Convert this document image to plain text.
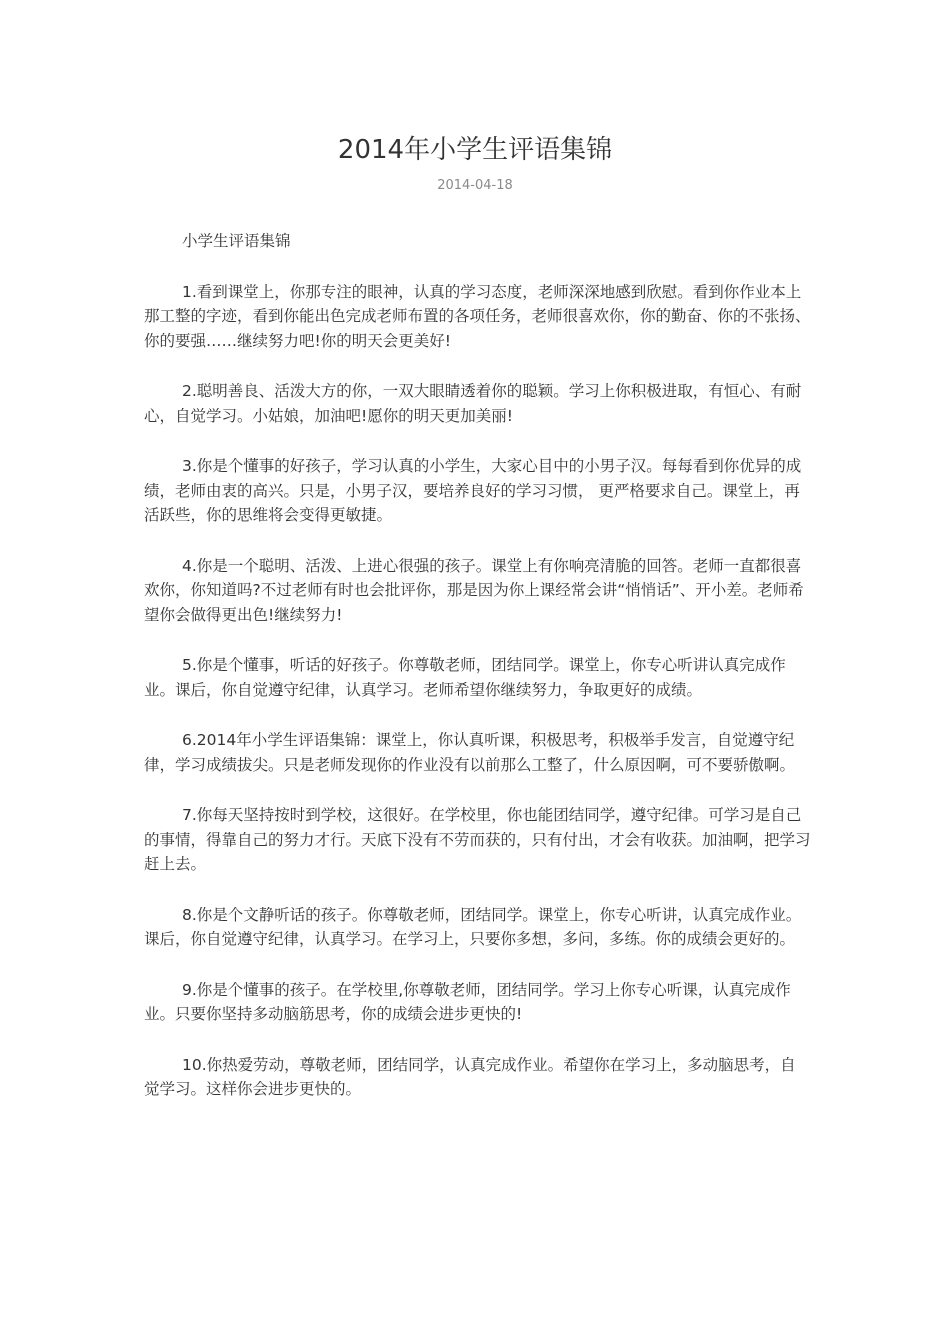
2014年小学生评语集锦
2014-04-18

小学生评语集锦

1.看到课堂上，你那专注的眼神，认真的学习态度，老师深深地感到欣慰。看到你作业本上那工整的字迹，看到你能出色完成老师布置的各项任务，老师很喜欢你，你的勤奋、你的不张扬、你的要强……继续努力吧!你的明天会更美好!

2.聪明善良、活泼大方的你，一双大眼睛透着你的聪颖。学习上你积极进取，有恒心、有耐心，自觉学习。小姑娘，加油吧!愿你的明天更加美丽!

3.你是个懂事的好孩子，学习认真的小学生，大家心目中的小男子汉。每每看到你优异的成绩，老师由衷的高兴。只是，小男子汉，要培养良好的学习习惯， 更严格要求自己。课堂上，再活跃些，你的思维将会变得更敏捷。

4.你是一个聪明、活泼、上进心很强的孩子。课堂上有你响亮清脆的回答。老师一直都很喜欢你，你知道吗?不过老师有时也会批评你，那是因为你上课经常会讲“悄悄话”、开小差。老师希望你会做得更出色!继续努力!

5.你是个懂事，听话的好孩子。你尊敬老师，团结同学。课堂上，你专心听讲认真完成作业。课后，你自觉遵守纪律，认真学习。老师希望你继续努力，争取更好的成绩。

6.2014年小学生评语集锦：课堂上，你认真听课，积极思考，积极举手发言，自觉遵守纪律，学习成绩拔尖。只是老师发现你的作业没有以前那么工整了，什么原因啊，可不要骄傲啊。

7.你每天坚持按时到学校，这很好。在学校里，你也能团结同学，遵守纪律。可学习是自己的事情，得靠自己的努力才行。天底下没有不劳而获的，只有付出，才会有收获。加油啊，把学习赶上去。

8.你是个文静听话的孩子。你尊敬老师，团结同学。课堂上，你专心听讲，认真完成作业。课后，你自觉遵守纪律，认真学习。在学习上，只要你多想，多问，多练。你的成绩会更好的。

9.你是个懂事的孩子。在学校里,你尊敬老师，团结同学。学习上你专心听课，认真完成作业。只要你坚持多动脑筋思考，你的成绩会进步更快的!

10.你热爱劳动，尊敬老师，团结同学，认真完成作业。希望你在学习上，多动脑思考，自觉学习。这样你会进步更快的。
